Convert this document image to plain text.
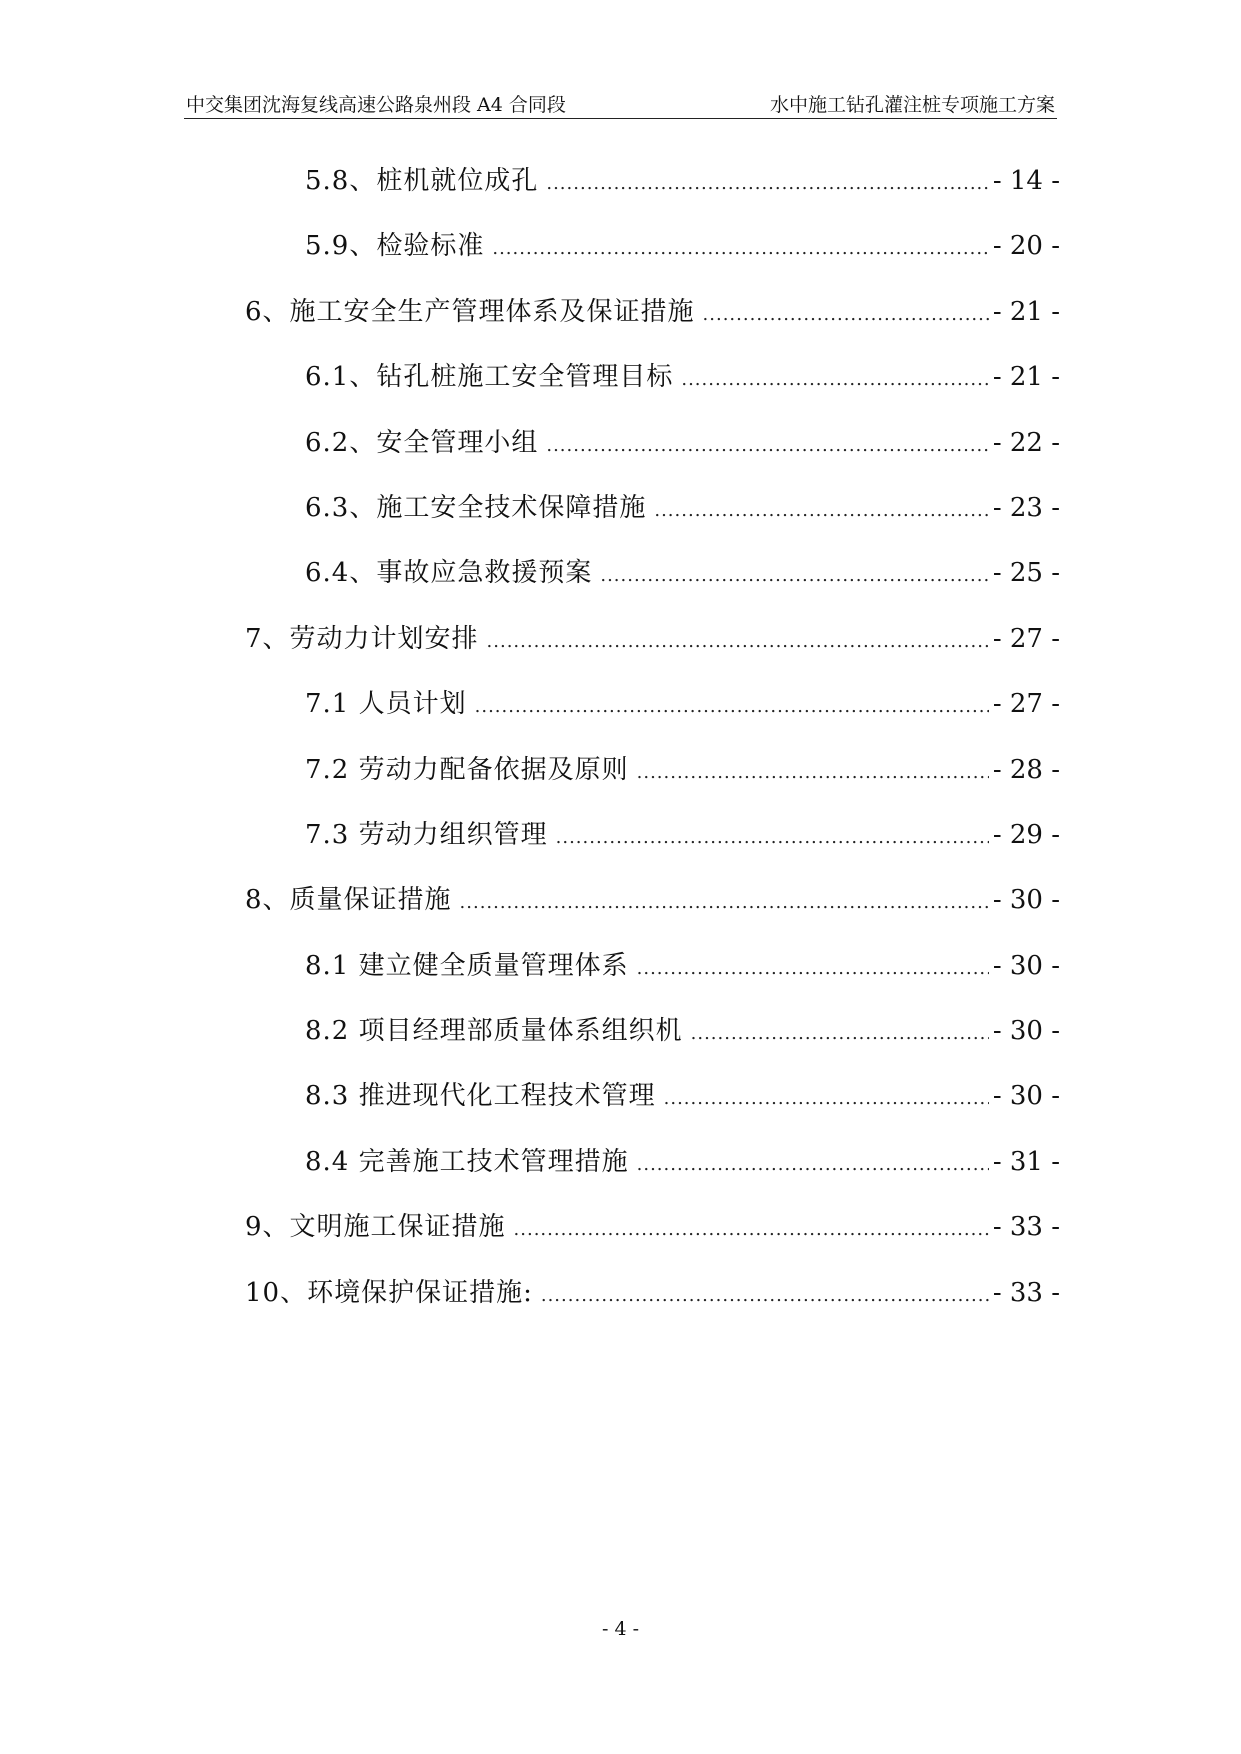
中交集团沈海复线高速公路泉州段 A4 合同段	水中施工钻孔灌注桩专项施工方案
5.8、桩机就位成孔 .....	- 14 -
5.9、检验标准 .....	- 20 -
6、施工安全生产管理体系及保证措施 .....	- 21 -
6.1、钻孔桩施工安全管理目标 .....	- 21 -
6.2、安全管理小组 .....	- 22 -
6.3、施工安全技术保障措施 .....	- 23 -
6.4、事故应急救援预案 .....	- 25 -
7、劳动力计划安排 .....	- 27 -
7.1 人员计划 .....	- 27 -
7.2 劳动力配备依据及原则 .....	- 28 -
7.3 劳动力组织管理 .....	- 29 -
8、质量保证措施 .....	- 30 -
8.1 建立健全质量管理体系 .....	- 30 -
8.2 项目经理部质量体系组织机 .....	- 30 -
8.3 推进现代化工程技术管理 .....	- 30 -
8.4 完善施工技术管理措施 .....	- 31 -
9、文明施工保证措施 .....	- 33 -
10、环境保护保证措施: .....	- 33 -
- 4 -
